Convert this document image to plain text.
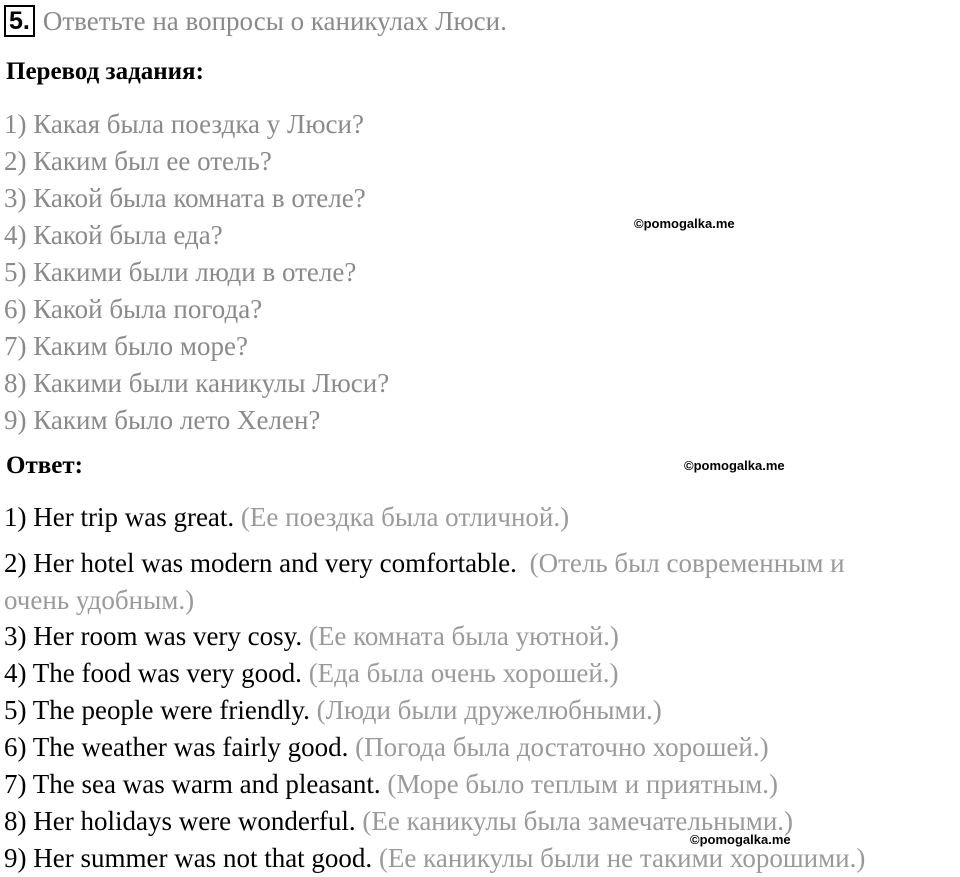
5. Ответьте на вопросы о каникулах Люси.
Перевод задания:
1) Какая была поездка у Люси?
2) Каким был ее отель?
3) Какой была комната в отеле?
4) Какой была еда?
5) Какими были люди в отеле?
6) Какой была погода?
7) Каким было море?
8) Какими были каникулы Люси?
9) Каким было лето Хелен?
Ответ:
1) Her trip was great. (Ее поездка была отличной.)
2) Her hotel was modern and very comfortable. (Отель был современным и
очень удобным.)
3) Her room was very cosy. (Ее комната была уютной.)
4) The food was very good. (Еда была очень хорошей.)
5) The people were friendly. (Люди были дружелюбными.)
6) The weather was fairly good. (Погода была достаточно хорошей.)
7) The sea was warm and pleasant. (Море было теплым и приятным.)
8) Her holidays were wonderful. (Ее каникулы была замечательными.)
9) Her summer was not that good. (Ее каникулы были не такими хорошими.)
©pomogalka.me
©pomogalka.me
©pomogalka.me
